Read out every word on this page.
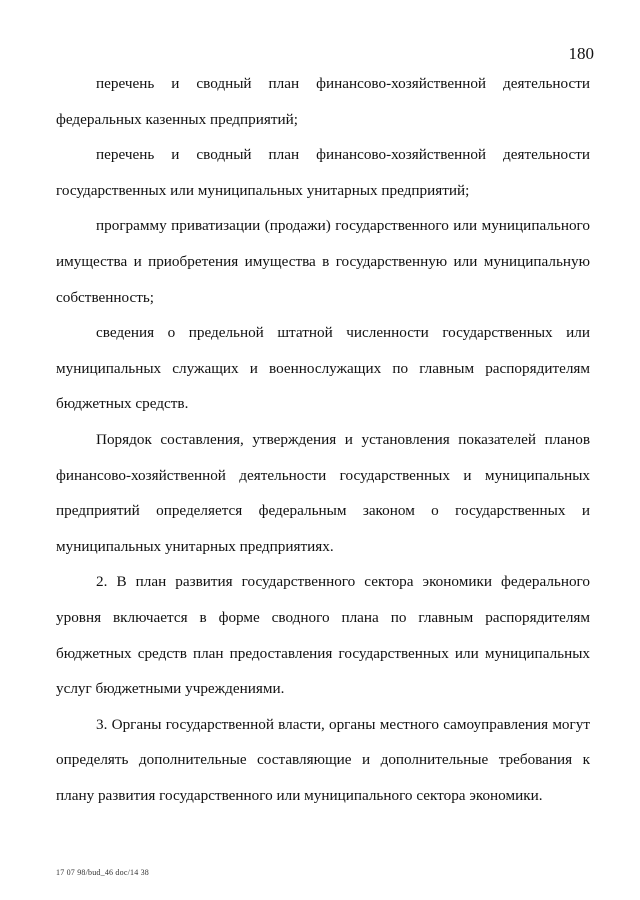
180

перечень и сводный план финансово-хозяйственной деятельности федеральных казенных предприятий;

перечень и сводный план финансово-хозяйственной деятельности государственных или муниципальных унитарных предприятий;

программу приватизации (продажи) государственного или муниципального имущества и приобретения имущества в государственную или муниципальную собственность;

сведения о предельной штатной численности государственных или муниципальных служащих и военнослужащих по главным распорядителям бюджетных средств.

Порядок составления, утверждения и установления показателей планов финансово-хозяйственной деятельности государственных и муниципальных предприятий определяется федеральным законом о государственных и муниципальных унитарных предприятиях.

2. В план развития государственного сектора экономики федерального уровня включается в форме сводного плана по главным распорядителям бюджетных средств план предоставления государственных или муниципальных услуг бюджетными учреждениями.

3. Органы государственной власти, органы местного самоуправления могут определять дополнительные составляющие и дополнительные требования к плану развития государственного или муниципального сектора экономики.

17 07 98/bud_46 doc/14 38
